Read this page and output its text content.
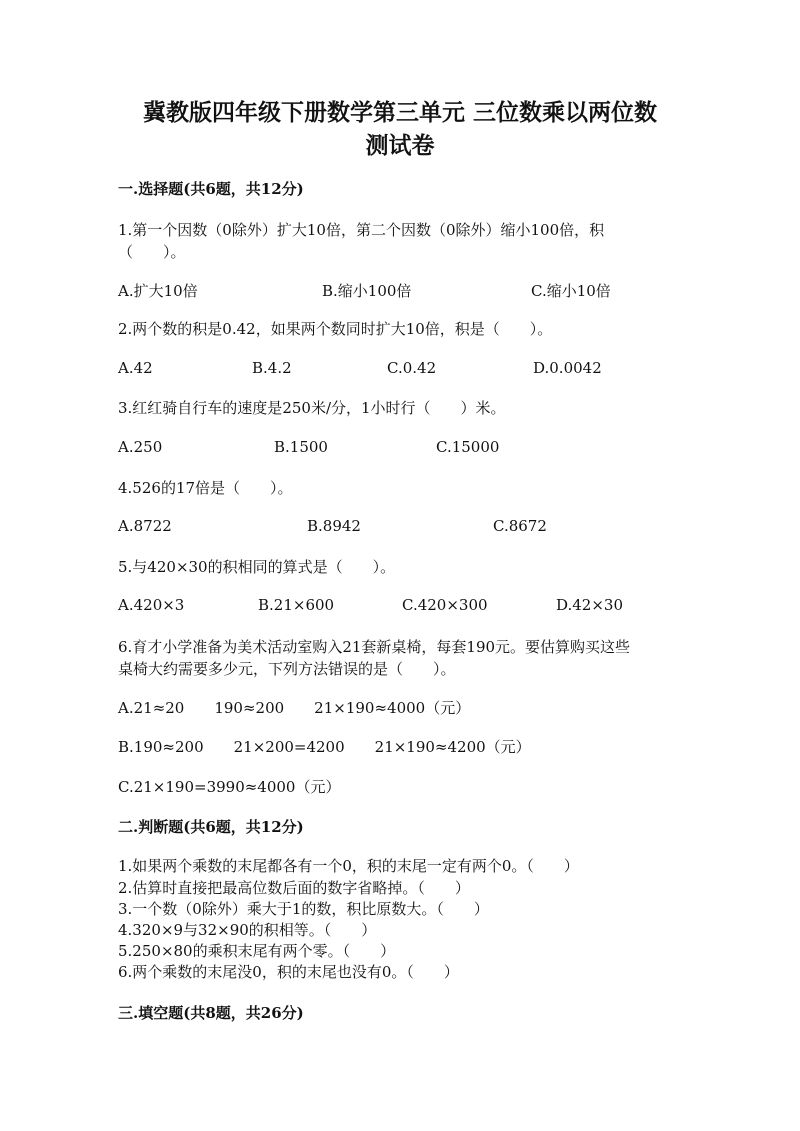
冀教版四年级下册数学第三单元 三位数乘以两位数
测试卷
一.选择题(共6题，共12分)
1.第一个因数（0除外）扩大10倍，第二个因数（0除外）缩小100倍，积
（　　）。
A.扩大10倍	B.缩小100倍	C.缩小10倍
2.两个数的积是0.42，如果两个数同时扩大10倍，积是（　　）。
A.42	B.4.2	C.0.42	D.0.0042
3.红红骑自行车的速度是250米/分，1小时行（　　）米。
A.250	B.1500	C.15000
4.526的17倍是（　　）。
A.8722	B.8942	C.8672
5.与420×30的积相同的算式是（　　）。
A.420×3	B.21×600	C.420×300	D.42×30
6.育才小学准备为美术活动室购入21套新桌椅，每套190元。要估算购买这些
桌椅大约需要多少元，下列方法错误的是（　　）。
A.21≈20　　190≈200　　21×190≈4000（元）
B.190≈200　　21×200=4200　　21×190≈4200（元）
C.21×190=3990≈4000（元）
二.判断题(共6题，共12分)
1.如果两个乘数的末尾都各有一个0，积的末尾一定有两个0。（　　）
2.估算时直接把最高位数后面的数字省略掉。（　　）
3.一个数（0除外）乘大于1的数，积比原数大。（　　）
4.320×9与32×90的积相等。（　　）
5.250×80的乘积末尾有两个零。（　　）
6.两个乘数的末尾没0，积的末尾也没有0。（　　）
三.填空题(共8题，共26分)
